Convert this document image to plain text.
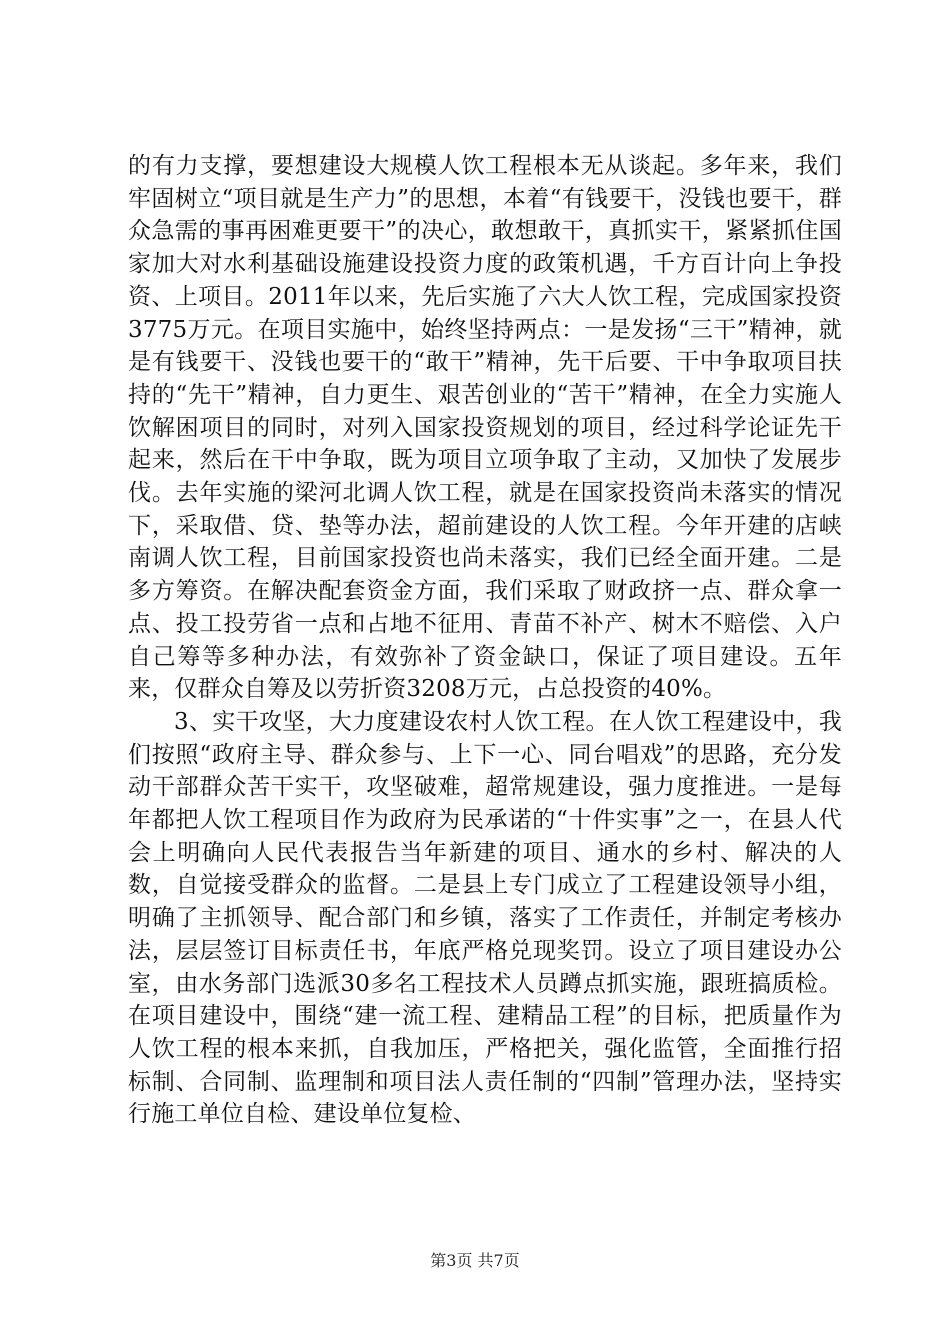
的有力支撑，要想建设大规模人饮工程根本无从谈起。多年来，我们牢固树立“项目就是生产力”的思想，本着“有钱要干，没钱也要干，群众急需的事再困难更要干”的决心，敢想敢干，真抓实干，紧紧抓住国家加大对水利基础设施建设投资力度的政策机遇，千方百计向上争投资、上项目。2011年以来，先后实施了六大人饮工程，完成国家投资3775万元。在项目实施中，始终坚持两点：一是发扬“三干”精神，就是有钱要干、没钱也要干的“敢干”精神，先干后要、干中争取项目扶持的“先干”精神，自力更生、艰苦创业的“苦干”精神，在全力实施人饮解困项目的同时，对列入国家投资规划的项目，经过科学论证先干起来，然后在干中争取，既为项目立项争取了主动，又加快了发展步伐。去年实施的梁河北调人饮工程，就是在国家投资尚未落实的情况下，采取借、贷、垫等办法，超前建设的人饮工程。今年开建的店峡南调人饮工程，目前国家投资也尚未落实，我们已经全面开建。二是多方筹资。在解决配套资金方面，我们采取了财政挤一点、群众拿一点、投工投劳省一点和占地不征用、青苗不补产、树木不赔偿、入户自己筹等多种办法，有效弥补了资金缺口，保证了项目建设。五年来，仅群众自筹及以劳折资3208万元，占总投资的40%。

3、实干攻坚，大力度建设农村人饮工程。在人饮工程建设中，我们按照“政府主导、群众参与、上下一心、同台唱戏”的思路，充分发动干部群众苦干实干，攻坚破难，超常规建设，强力度推进。一是每年都把人饮工程项目作为政府为民承诺的“十件实事”之一，在县人代会上明确向人民代表报告当年新建的项目、通水的乡村、解决的人数，自觉接受群众的监督。二是县上专门成立了工程建设领导小组，明确了主抓领导、配合部门和乡镇，落实了工作责任，并制定考核办法，层层签订目标责任书，年底严格兑现奖罚。设立了项目建设办公室，由水务部门选派30多名工程技术人员蹲点抓实施，跟班搞质检。在项目建设中，围绕“建一流工程、建精品工程”的目标，把质量作为人饮工程的根本来抓，自我加压，严格把关，强化监管，全面推行招标制、合同制、监理制和项目法人责任制的“四制”管理办法，坚持实行施工单位自检、建设单位复检、

第3页 共7页
